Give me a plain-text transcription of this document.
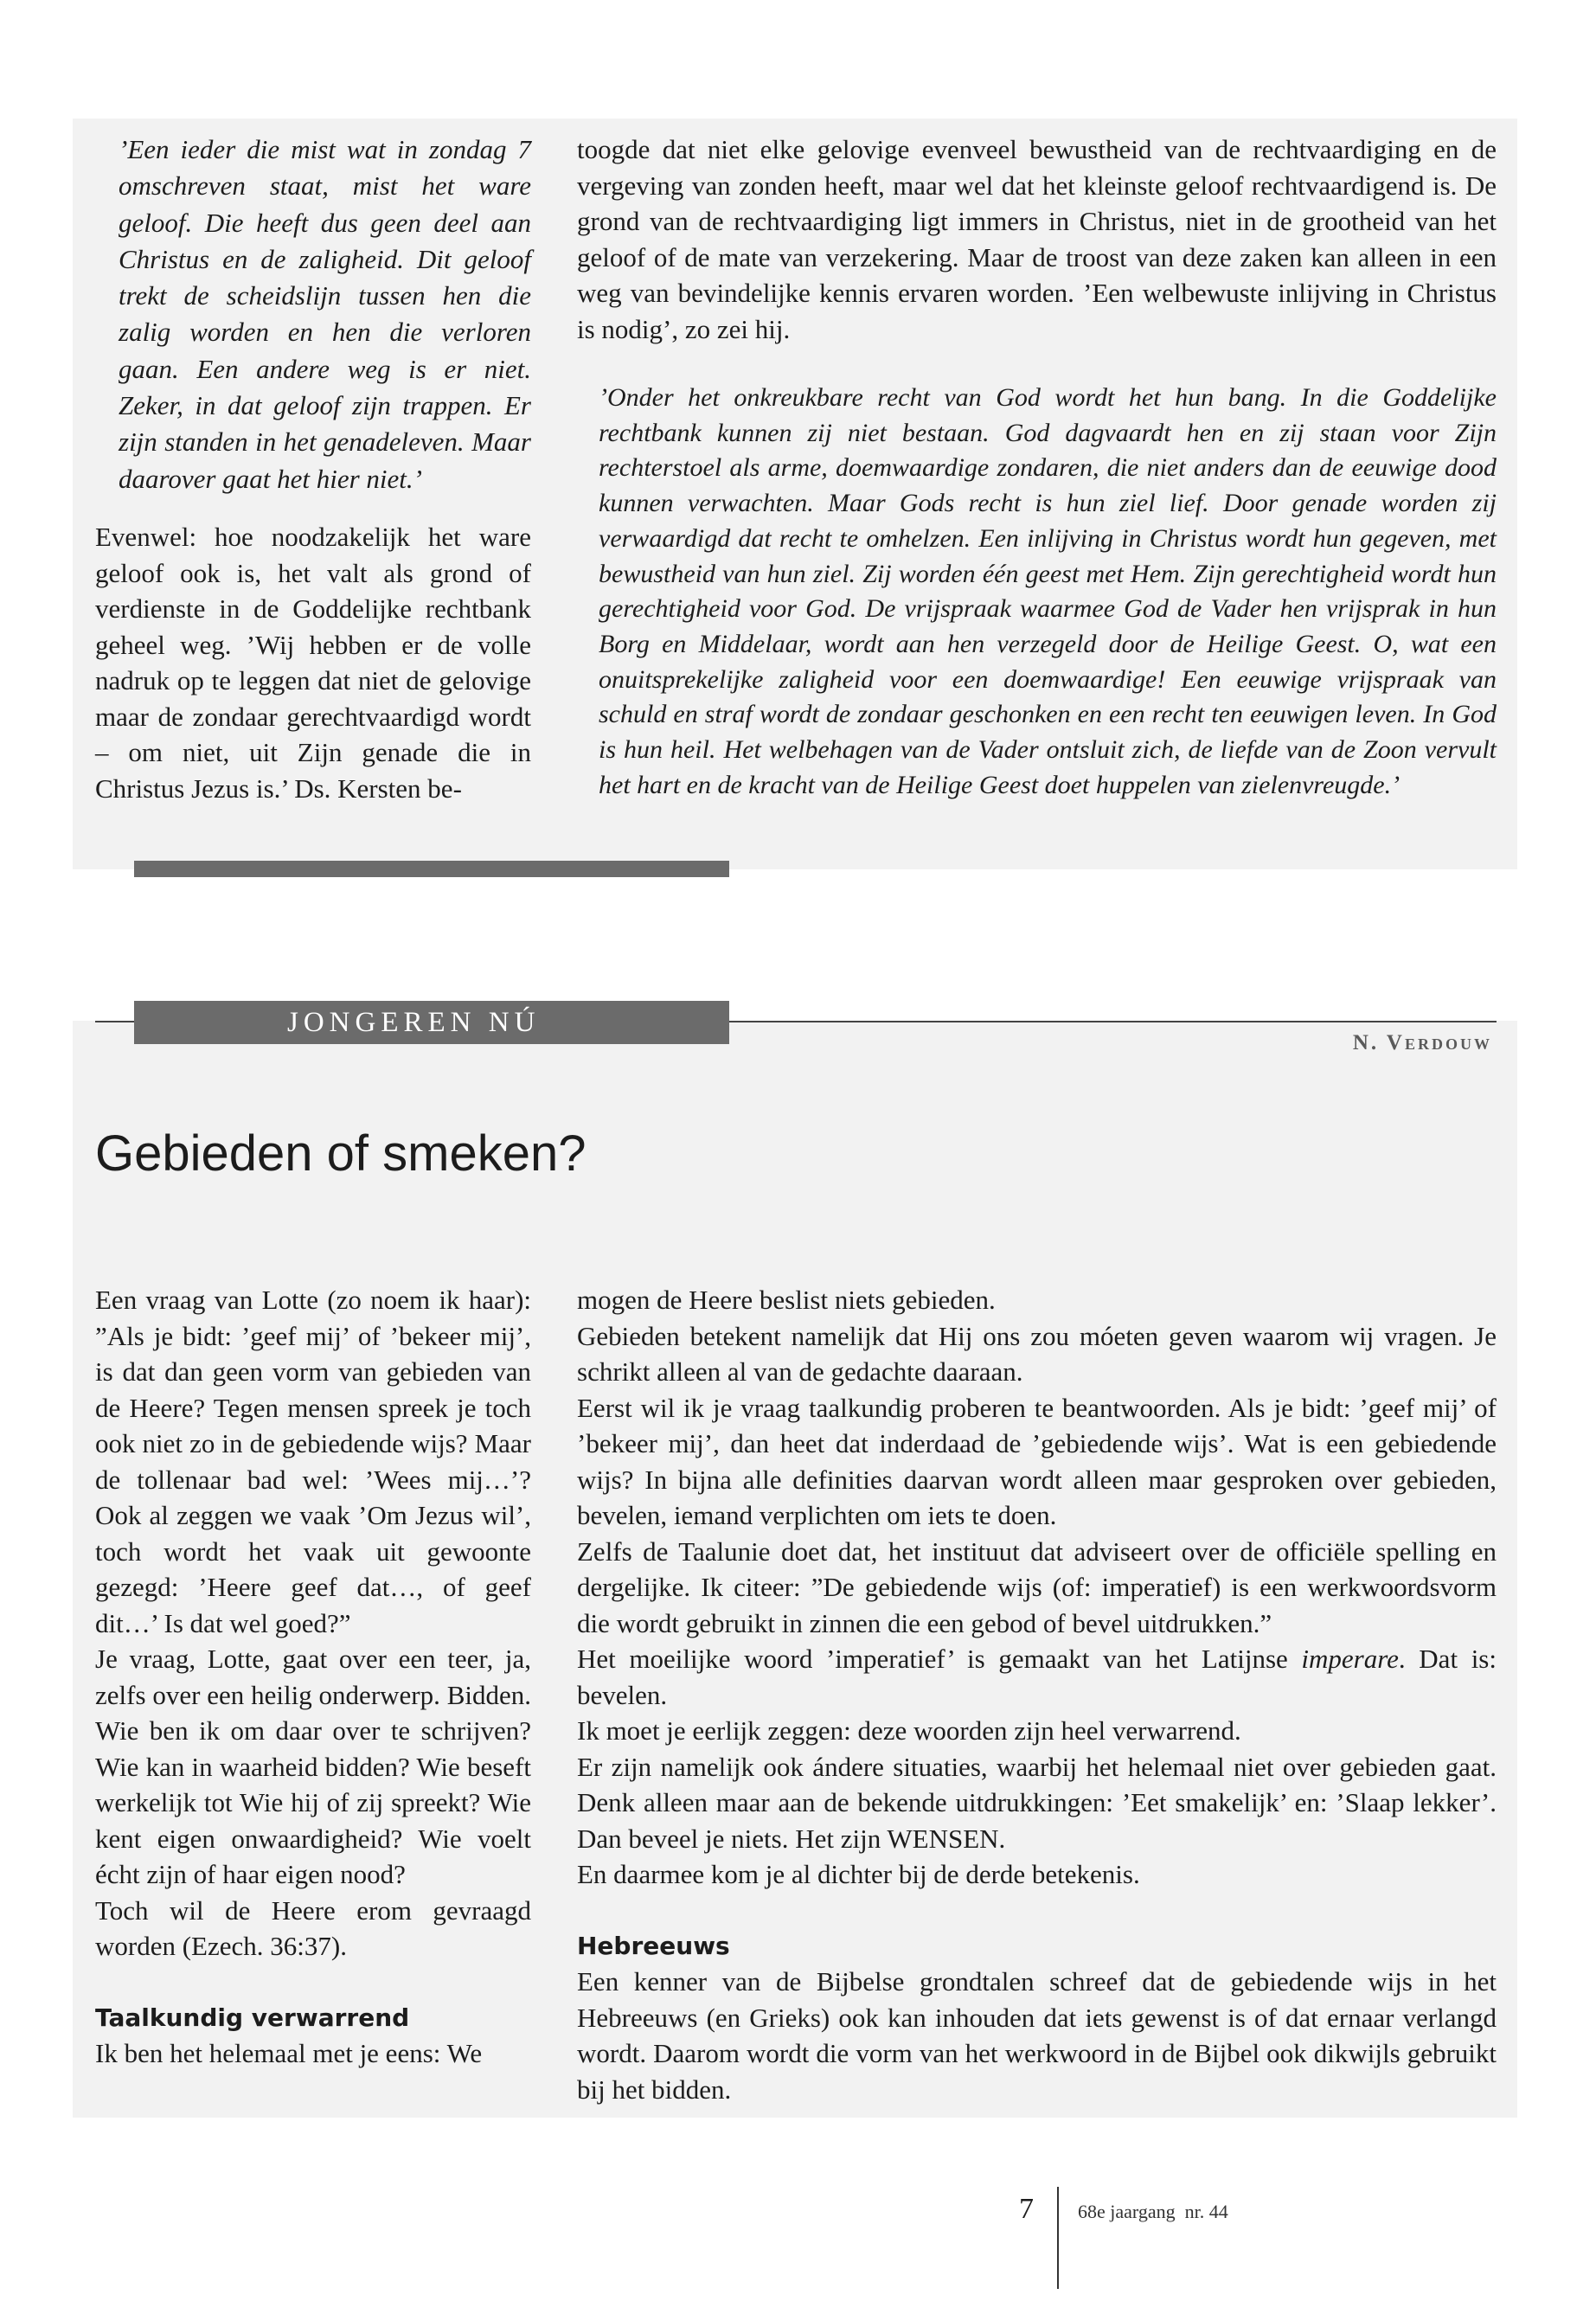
’Een ieder die mist wat in zondag 7 omschreven staat, mist het ware geloof. Die heeft dus geen deel aan Christus en de zaligheid. Dit geloof trekt de scheidslijn tussen hen die zalig worden en hen die verloren gaan. Een andere weg is er niet. Zeker, in dat geloof zijn trappen. Er zijn standen in het genadeleven. Maar daarover gaat het hier niet.’

Evenwel: hoe noodzakelijk het ware geloof ook is, het valt als grond of verdienste in de Goddelijke rechtbank geheel weg. ’Wij hebben er de volle nadruk op te leggen dat niet de gelovige maar de zondaar gerechtvaardigd wordt – om niet, uit Zijn genade die in Christus Jezus is.’ Ds. Kersten be-

toogde dat niet elke gelovige evenveel bewustheid van de rechtvaardiging en de vergeving van zonden heeft, maar wel dat het kleinste geloof rechtvaardigend is. De grond van de rechtvaardiging ligt immers in Christus, niet in de grootheid van het geloof of de mate van verzekering. Maar de troost van deze zaken kan alleen in een weg van bevindelijke kennis ervaren worden. ’Een welbewuste inlijving in Christus is nodig’, zo zei hij.

’Onder het onkreukbare recht van God wordt het hun bang. In die Goddelijke rechtbank kunnen zij niet bestaan. God dagvaardt hen en zij staan voor Zijn rechterstoel als arme, doemwaardige zondaren, die niet anders dan de eeuwige dood kunnen verwachten. Maar Gods recht is hun ziel lief. Door genade worden zij verwaardigd dat recht te omhelzen. Een inlijving in Christus wordt hun gegeven, met bewustheid van hun ziel. Zij worden één geest met Hem. Zijn gerechtigheid wordt hun gerechtigheid voor God. De vrijspraak waarmee God de Vader hen vrijsprak in hun Borg en Middelaar, wordt aan hen verzegeld door de Heilige Geest. O, wat een onuitsprekelijke zaligheid voor een doemwaardige! Een eeuwige vrijspraak van schuld en straf wordt de zondaar geschonken en een recht ten eeuwigen leven. In God is hun heil. Het welbehagen van de Vader ontsluit zich, de liefde van de Zoon vervult het hart en de kracht van de Heilige Geest doet huppelen van zielenvreugde.’

JONGEREN NÚ
N. Verdouw
Gebieden of smeken?

Een vraag van Lotte (zo noem ik haar): ”Als je bidt: ’geef mij’ of ’bekeer mij’, is dat dan geen vorm van gebieden van de Heere? Tegen mensen spreek je toch ook niet zo in de gebiedende wijs? Maar de tollenaar bad wel: ’Wees mij…’? Ook al zeggen we vaak ’Om Jezus wil’, toch wordt het vaak uit gewoonte gezegd: ’Heere geef dat…, of geef dit…’ Is dat wel goed?”

Je vraag, Lotte, gaat over een teer, ja, zelfs over een heilig onderwerp. Bidden. Wie ben ik om daar over te schrijven? Wie kan in waarheid bidden? Wie beseft werkelijk tot Wie hij of zij spreekt? Wie kent eigen onwaardigheid? Wie voelt écht zijn of haar eigen nood?

Toch wil de Heere erom gevraagd worden (Ezech. 36:37).

Taalkundig verwarrend

Ik ben het helemaal met je eens: We

mogen de Heere beslist niets gebieden.

Gebieden betekent namelijk dat Hij ons zou móeten geven waarom wij vragen. Je schrikt alleen al van de gedachte daaraan.

Eerst wil ik je vraag taalkundig proberen te beantwoorden. Als je bidt: ’geef mij’ of ’bekeer mij’, dan heet dat inderdaad de ’gebiedende wijs’. Wat is een gebiedende wijs? In bijna alle definities daarvan wordt alleen maar gesproken over gebieden, bevelen, iemand verplichten om iets te doen.

Zelfs de Taalunie doet dat, het instituut dat adviseert over de officiële spelling en dergelijke. Ik citeer: ”De gebiedende wijs (of: imperatief) is een werkwoordsvorm die wordt gebruikt in zinnen die een gebod of bevel uitdrukken.”

Het moeilijke woord ’imperatief’ is gemaakt van het Latijnse imperare. Dat is: bevelen.

Ik moet je eerlijk zeggen: deze woorden zijn heel verwarrend.

Er zijn namelijk ook ándere situaties, waarbij het helemaal niet over gebieden gaat. Denk alleen maar aan de bekende uitdrukkingen: ’Eet smakelijk’ en: ’Slaap lekker’. Dan beveel je niets. Het zijn WENSEN.

En daarmee kom je al dichter bij de derde betekenis.

Hebreeuws

Een kenner van de Bijbelse grondtalen schreef dat de gebiedende wijs in het Hebreeuws (en Grieks) ook kan inhouden dat iets gewenst is of dat ernaar verlangd wordt. Daarom wordt die vorm van het werkwoord in de Bijbel ook dikwijls gebruikt bij het bidden.

7 68e jaargang  nr. 44
